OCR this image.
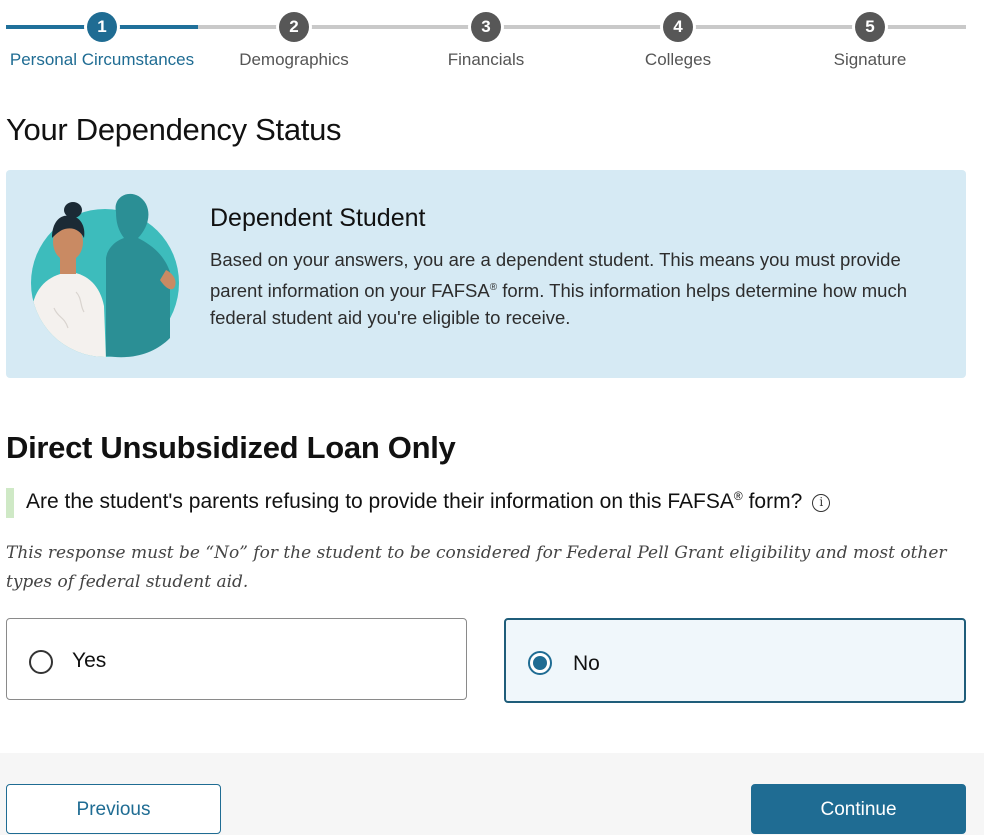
1
Personal Circumstances
2
Demographics
3
Financials
4
Colleges
5
Signature
Your Dependency Status
Dependent Student

Based on your answers, you are a dependent student. This means you must provide parent information on your FAFSA® form. This information helps determine how much federal student aid you're eligible to receive.

Direct Unsubsidized Loan Only
Are the student's parents refusing to provide their information on this FAFSA® form? i

This response must be “No” for the student to be considered for Federal Pell Grant eligibility and most other types of federal student aid.

Yes	No
Previous	Continue
